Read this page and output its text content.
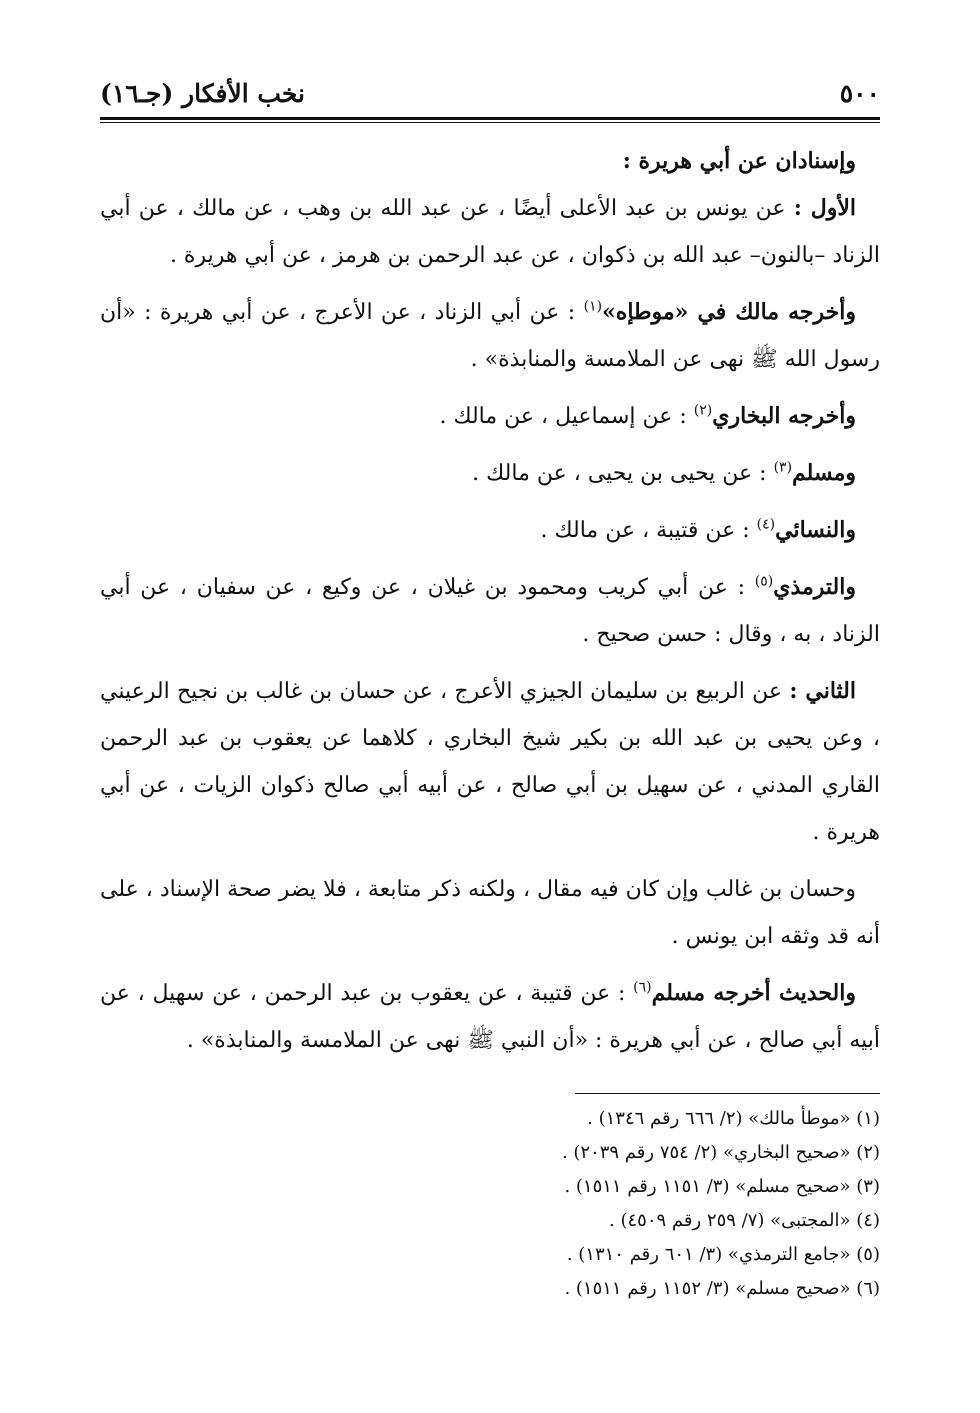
نخب الأفكار (جـ١٦)	٥٠٠

وإسنادان عن أبي هريرة :

الأول : عن يونس بن عبد الأعلى أيضًا ، عن عبد الله بن وهب ، عن مالك ، عن أبي الزناد –بالنون– عبد الله بن ذكوان ، عن عبد الرحمن بن هرمز ، عن أبي هريرة .

وأخرجه مالك في «موطإه»$^{(١)}$ : عن أبي الزناد ، عن الأعرج ، عن أبي هريرة : «أن رسول الله ﷺ نهى عن الملامسة والمنابذة» .

وأخرجه البخاري$^{(٢)}$ : عن إسماعيل ، عن مالك .

ومسلم$^{(٣)}$ : عن يحيى بن يحيى ، عن مالك .

والنسائي$^{(٤)}$ : عن قتيبة ، عن مالك .

والترمذي$^{(٥)}$ : عن أبي كريب ومحمود بن غيلان ، عن وكيع ، عن سفيان ، عن أبي الزناد ، به ، وقال : حسن صحيح .

الثاني : عن الربيع بن سليمان الجيزي الأعرج ، عن حسان بن غالب بن نجيح الرعيني ، وعن يحيى بن عبد الله بن بكير شيخ البخاري ، كلاهما عن يعقوب بن عبد الرحمن القاري المدني ، عن سهيل بن أبي صالح ، عن أبيه أبي صالح ذكوان الزيات ، عن أبي هريرة .

وحسان بن غالب وإن كان فيه مقال ، ولكنه ذكر متابعة ، فلا يضر صحة الإسناد ، على أنه قد وثقه ابن يونس .

والحديث أخرجه مسلم$^{(٦)}$ : عن قتيبة ، عن يعقوب بن عبد الرحمن ، عن سهيل ، عن أبيه أبي صالح ، عن أبي هريرة : «أن النبي ﷺ نهى عن الملامسة والمنابذة» .

(١) «موطأ مالك» (٢/ ٦٦٦ رقم ١٣٤٦) .
(٢) «صحيح البخاري» (٢/ ٧٥٤ رقم ٢٠٣٩) .
(٣) «صحيح مسلم» (٣/ ١١٥١ رقم ١٥١١) .
(٤) «المجتبى» (٧/ ٢٥٩ رقم ٤٥٠٩) .
(٥) «جامع الترمذي» (٣/ ٦٠١ رقم ١٣١٠) .
(٦) «صحيح مسلم» (٣/ ١١٥٢ رقم ١٥١١) .
